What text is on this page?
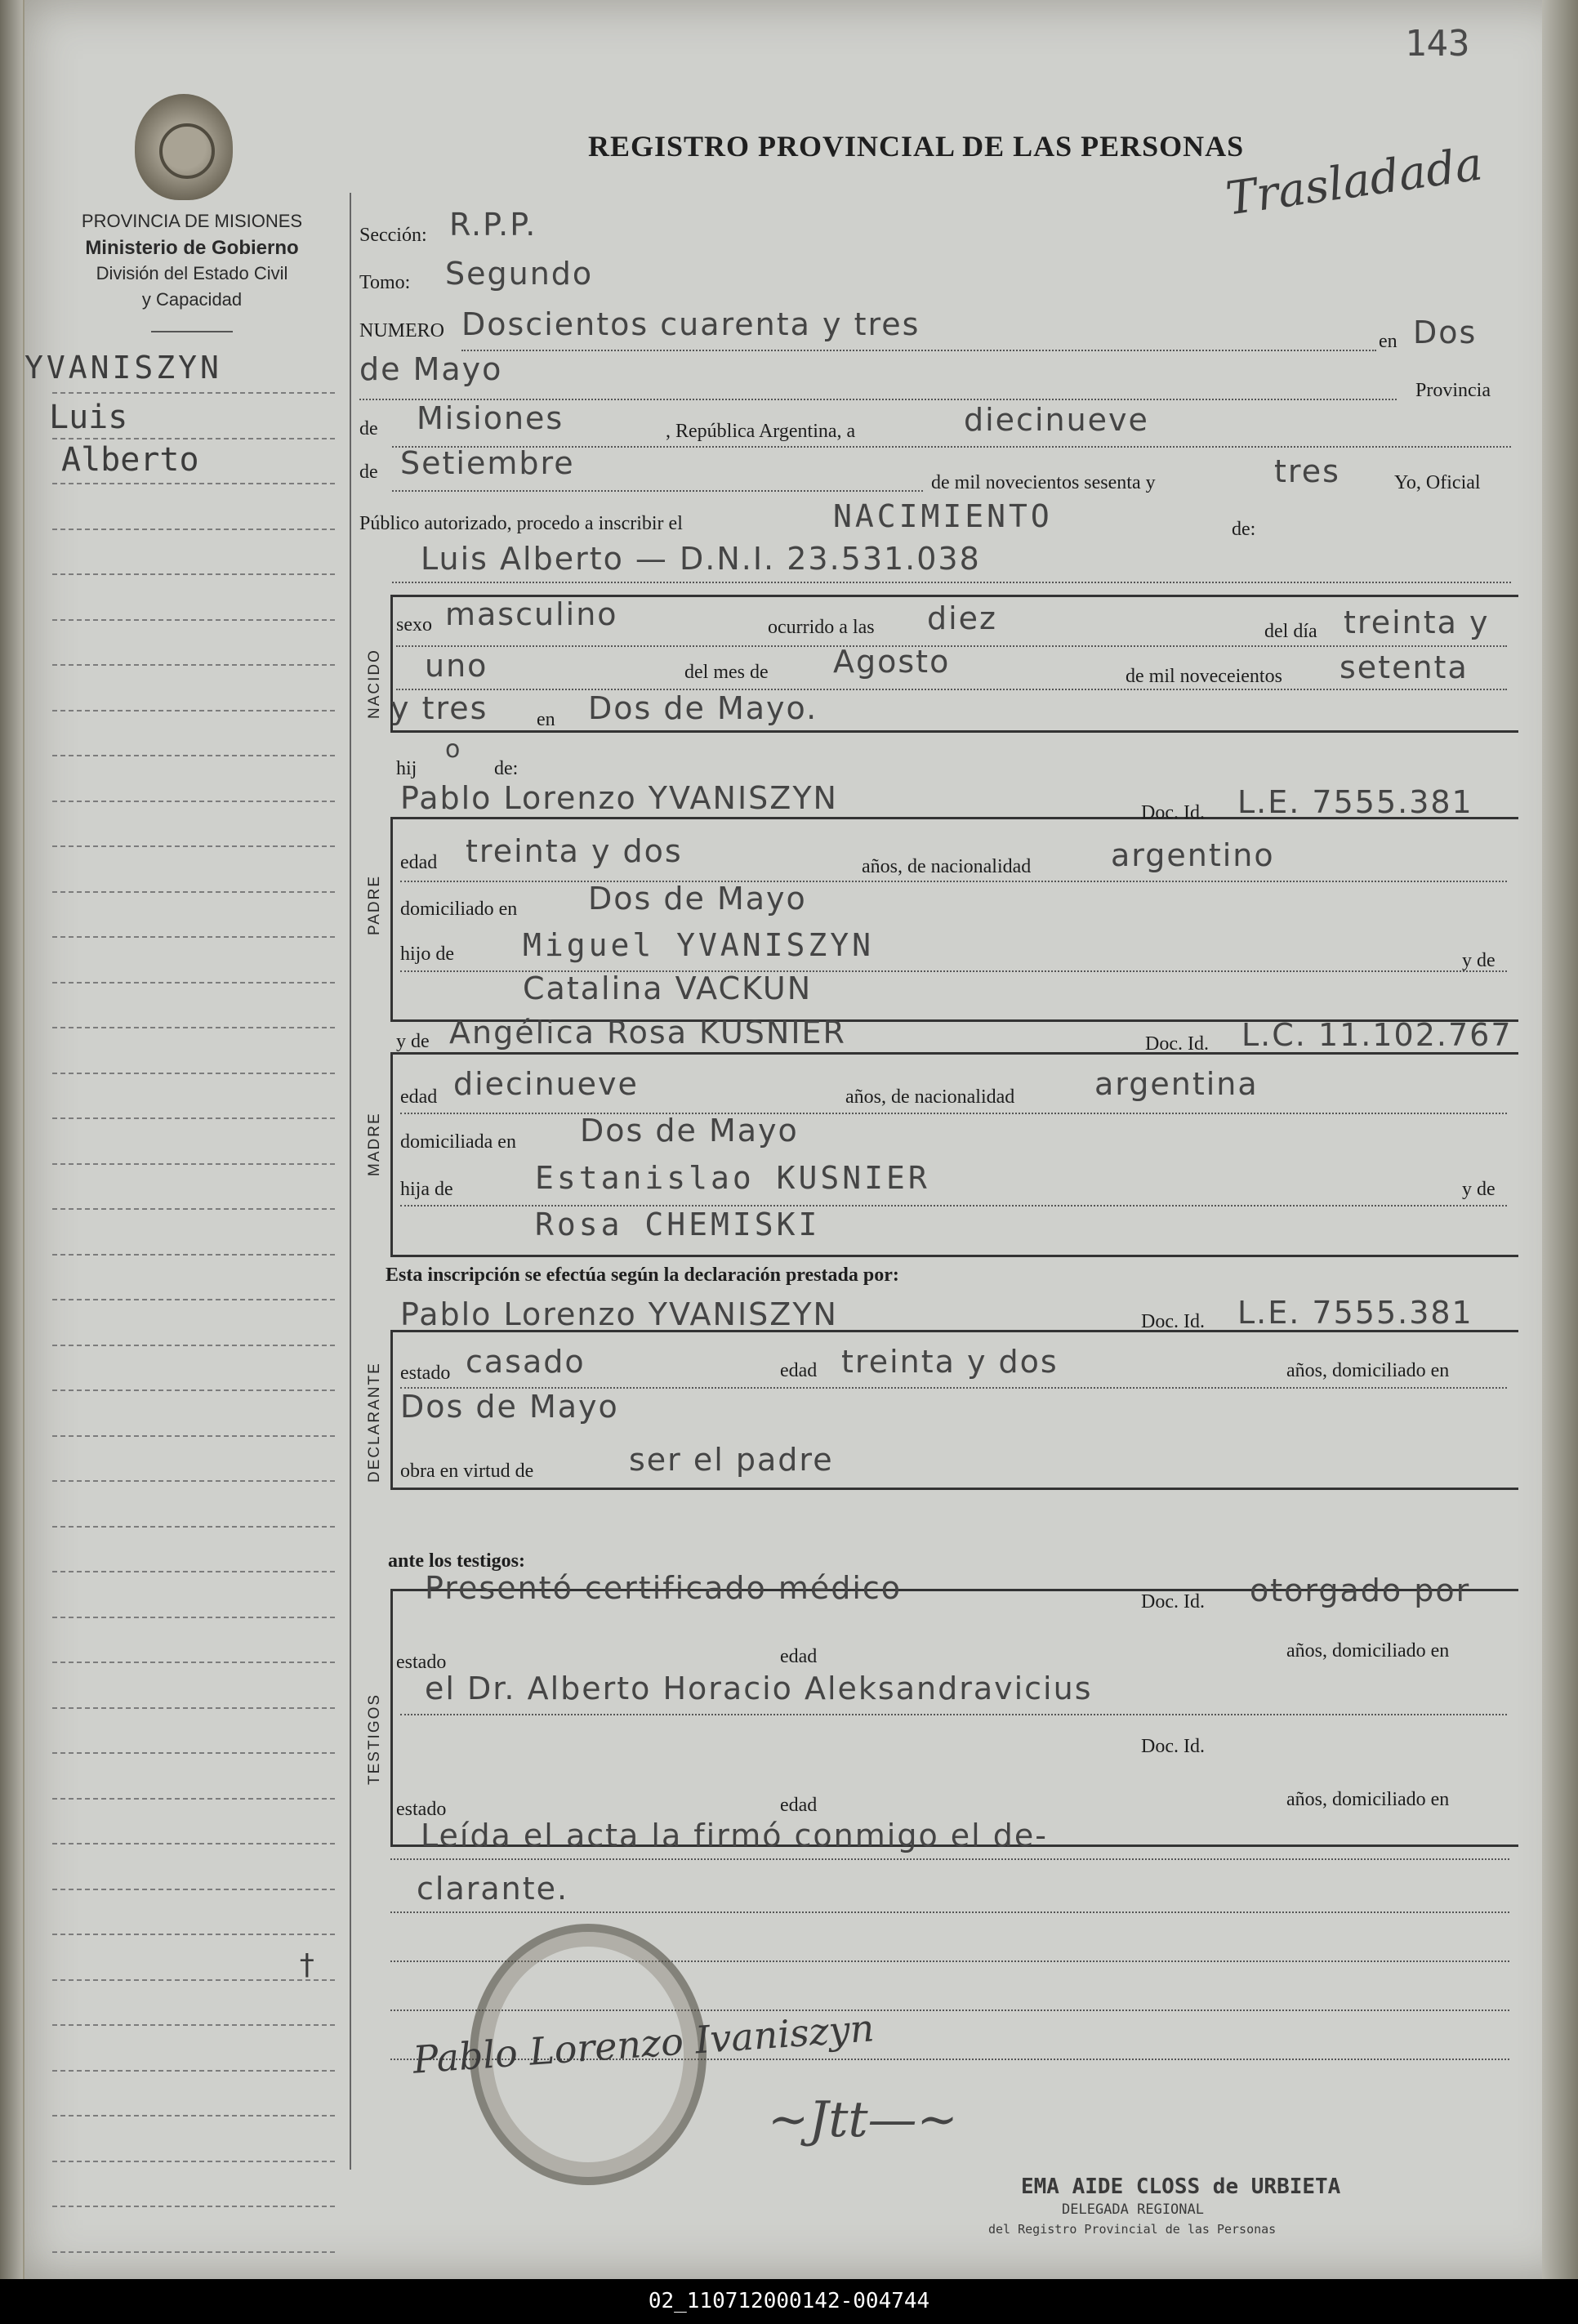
143
PROVINCIA DE MISIONES
Ministerio de Gobierno
División del Estado Civil
y Capacidad
REGISTRO PROVINCIAL DE LAS PERSONAS
Trasladada
YVANISZYN
Luis
Alberto
†
Sección: R.P.P.
Tomo: Segundo
NUMERO Doscientos cuarenta y tres	en Dos
de Mayo
Provincia
de Misiones	, República Argentina, a	diecinueve
de Setiembre
de mil novecientos sesenta y	tres	Yo, Oficial
Público autorizado, procedo a inscribir el	NACIMIENTO	de:
Luis Alberto — D.N.I. 23.531.038
NACIDO
sexo masculino	ocurrido a las diez	del día treinta y
uno	del mes de Agosto	de mil noveceientos setenta
y tres en Dos de Mayo.
hij
o
de:
PADRE
Pablo Lorenzo YVANISZYN	Doc. Id. L.E. 7555.381
edad treinta y dos	años, de nacionalidad	argentino
domiciliado en Dos de Mayo
hijo de Miguel YVANISZYN	y de
Catalina VACKUN
MADRE
y de Angélica Rosa KUSNIER	Doc. Id. L.C. 11.102.767
edad diecinueve	años, de nacionalidad	argentina
domiciliada en Dos de Mayo
hija de	Estanislao KUSNIER	y de
Rosa CHEMISKI
Esta inscripción se efectúa según la declaración prestada por:
Pablo Lorenzo YVANISZYN	Doc. Id. L.E. 7555.381
DECLARANTE estado casado	edad treinta y dos	años, domiciliado en
Dos de Mayo
obra en virtud de	ser el padre
ante los testigos:
TESTIGOS
Presentó certificado médico	Doc. Id. otorgado por
estado	edad	años, domiciliado en
el Dr. Alberto Horacio Aleksandravicius
Doc. Id.
estado	edad	años, domiciliado en
Leída el acta la firmó conmigo el de-
clarante.
Pablo Lorenzo Ivaniszyn
~Jtt—~
EMA AIDE CLOSS de URBIETA
DELEGADA REGIONAL
del Registro Provincial de las Personas
02_110712000142-004744
